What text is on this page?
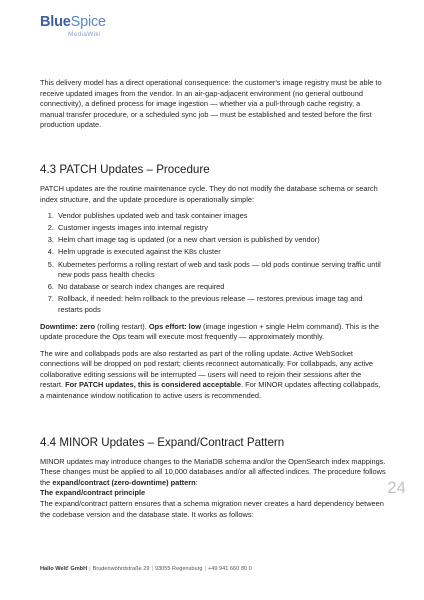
BlueSpice
MediaWiki

This delivery model has a direct operational consequence: the customer's image registry must be able to receive updated images from the vendor. In an air-gap-adjacent environment (no general outbound connectivity), a defined process for image ingestion — whether via a pull-through cache registry, a manual transfer procedure, or a scheduled sync job — must be established and tested before the first production update.

4.3 PATCH Updates – Procedure

PATCH updates are the routine maintenance cycle. They do not modify the database schema or search index structure, and the update procedure is operationally simple:

1. Vendor publishes updated web and task container images
2. Customer ingests images into internal registry
3. Helm chart image tag is updated (or a new chart version is published by vendor)
4. Helm upgrade is executed against the K8s cluster
5. Kubernetes performs a rolling restart of web and task pods — old pods continue serving traffic until new pods pass health checks
6. No database or search index changes are required
7. Rollback, if needed: helm rollback to the previous release — restores previous image tag and restarts pods

Downtime: zero (rolling restart). Ops effort: low (image ingestion + single Helm command). This is the update procedure the Ops team will execute most frequently — approximately monthly.

The wire and collabpads pods are also restarted as part of the rolling update. Active WebSocket connections will be dropped on pod restart; clients reconnect automatically. For collabpads, any active collaborative editing sessions will be interrupted — users will need to rejoin their sessions after the restart. For PATCH updates, this is considered acceptable. For MINOR updates affecting collabpads, a maintenance window notification to active users is recommended.

4.4 MINOR Updates – Expand/Contract Pattern

MINOR updates may introduce changes to the MariaDB schema and/or the OpenSearch index mappings. These changes must be applied to all 10,000 databases and/or all affected indices. The procedure follows the expand/contract (zero-downtime) pattern:

The expand/contract principle

The expand/contract pattern ensures that a schema migration never creates a hard dependency between the codebase version and the database state. It works as follows:

24
Hallo Welt! GmbH | Brudenwöhrdstraße 29 | 93055 Regensburg | +49 941 660 80 0
